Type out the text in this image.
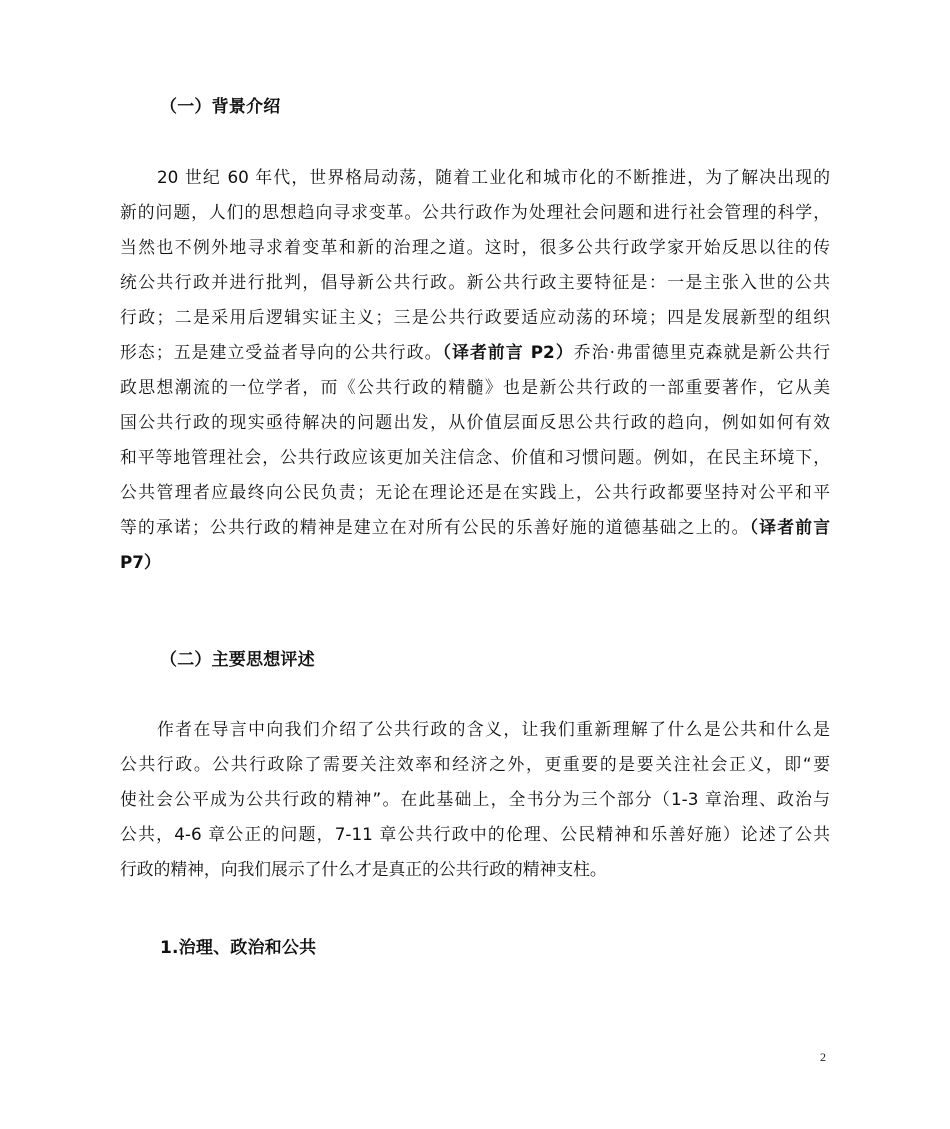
（一）背景介绍
20 世纪 60 年代，世界格局动荡，随着工业化和城市化的不断推进，为了解决出现的
新的问题，人们的思想趋向寻求变革。公共行政作为处理社会问题和进行社会管理的科学，
当然也不例外地寻求着变革和新的治理之道。这时，很多公共行政学家开始反思以往的传
统公共行政并进行批判，倡导新公共行政。新公共行政主要特征是：一是主张入世的公共
行政；二是采用后逻辑实证主义；三是公共行政要适应动荡的环境；四是发展新型的组织
形态；五是建立受益者导向的公共行政。（译者前言 P2）乔治·弗雷德里克森就是新公共行
政思想潮流的一位学者，而《公共行政的精髓》也是新公共行政的一部重要著作，它从美
国公共行政的现实亟待解决的问题出发，从价值层面反思公共行政的趋向，例如如何有效
和平等地管理社会，公共行政应该更加关注信念、价值和习惯问题。例如，在民主环境下，
公共管理者应最终向公民负责；无论在理论还是在实践上，公共行政都要坚持对公平和平
等的承诺；公共行政的精神是建立在对所有公民的乐善好施的道德基础之上的。（译者前言
P7）
（二）主要思想评述
作者在导言中向我们介绍了公共行政的含义，让我们重新理解了什么是公共和什么是
公共行政。公共行政除了需要关注效率和经济之外，更重要的是要关注社会正义，即“要
使社会公平成为公共行政的精神”。在此基础上，全书分为三个部分（1-3 章治理、政治与
公共，4-6 章公正的问题，7-11 章公共行政中的伦理、公民精神和乐善好施）论述了公共
行政的精神，向我们展示了什么才是真正的公共行政的精神支柱。
1.治理、政治和公共
2
